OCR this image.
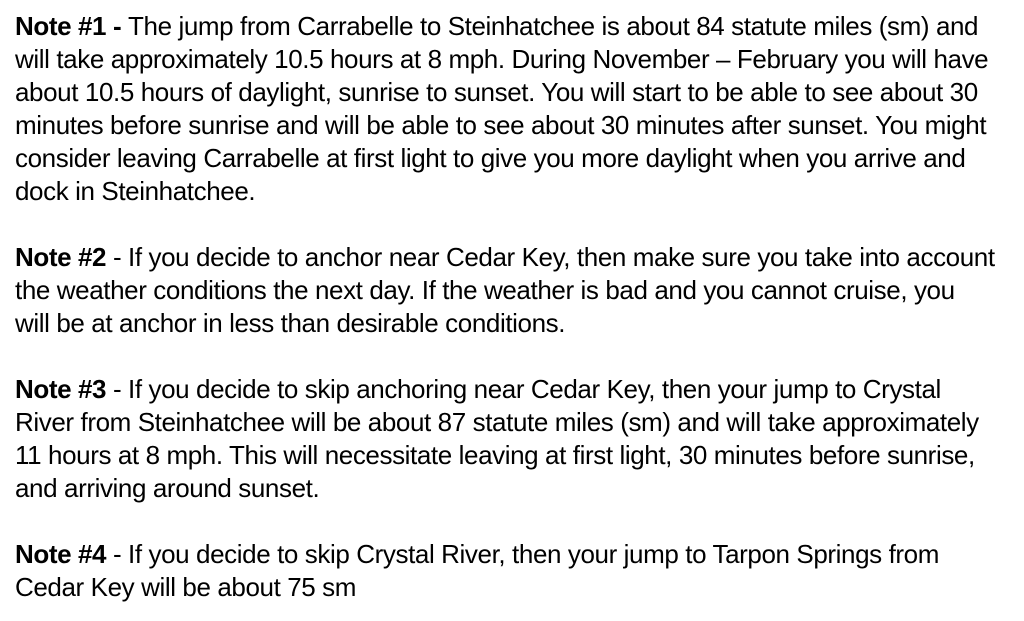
Note #1 - The jump from Carrabelle to Steinhatchee is about 84 statute miles (sm) and
will take approximately 10.5 hours at 8 mph. During November – February you will have
about 10.5 hours of daylight, sunrise to sunset. You will start to be able to see about 30
minutes before sunrise and will be able to see about 30 minutes after sunset. You might
consider leaving Carrabelle at first light to give you more daylight when you arrive and
dock in Steinhatchee.

Note #2 - If you decide to anchor near Cedar Key, then make sure you take into account
the weather conditions the next day. If the weather is bad and you cannot cruise, you
will be at anchor in less than desirable conditions.

Note #3 - If you decide to skip anchoring near Cedar Key, then your jump to Crystal
River from Steinhatchee will be about 87 statute miles (sm) and will take approximately
11 hours at 8 mph. This will necessitate leaving at first light, 30 minutes before sunrise,
and arriving around sunset.

Note #4 - If you decide to skip Crystal River, then your jump to Tarpon Springs from
Cedar Key will be about 75 sm
